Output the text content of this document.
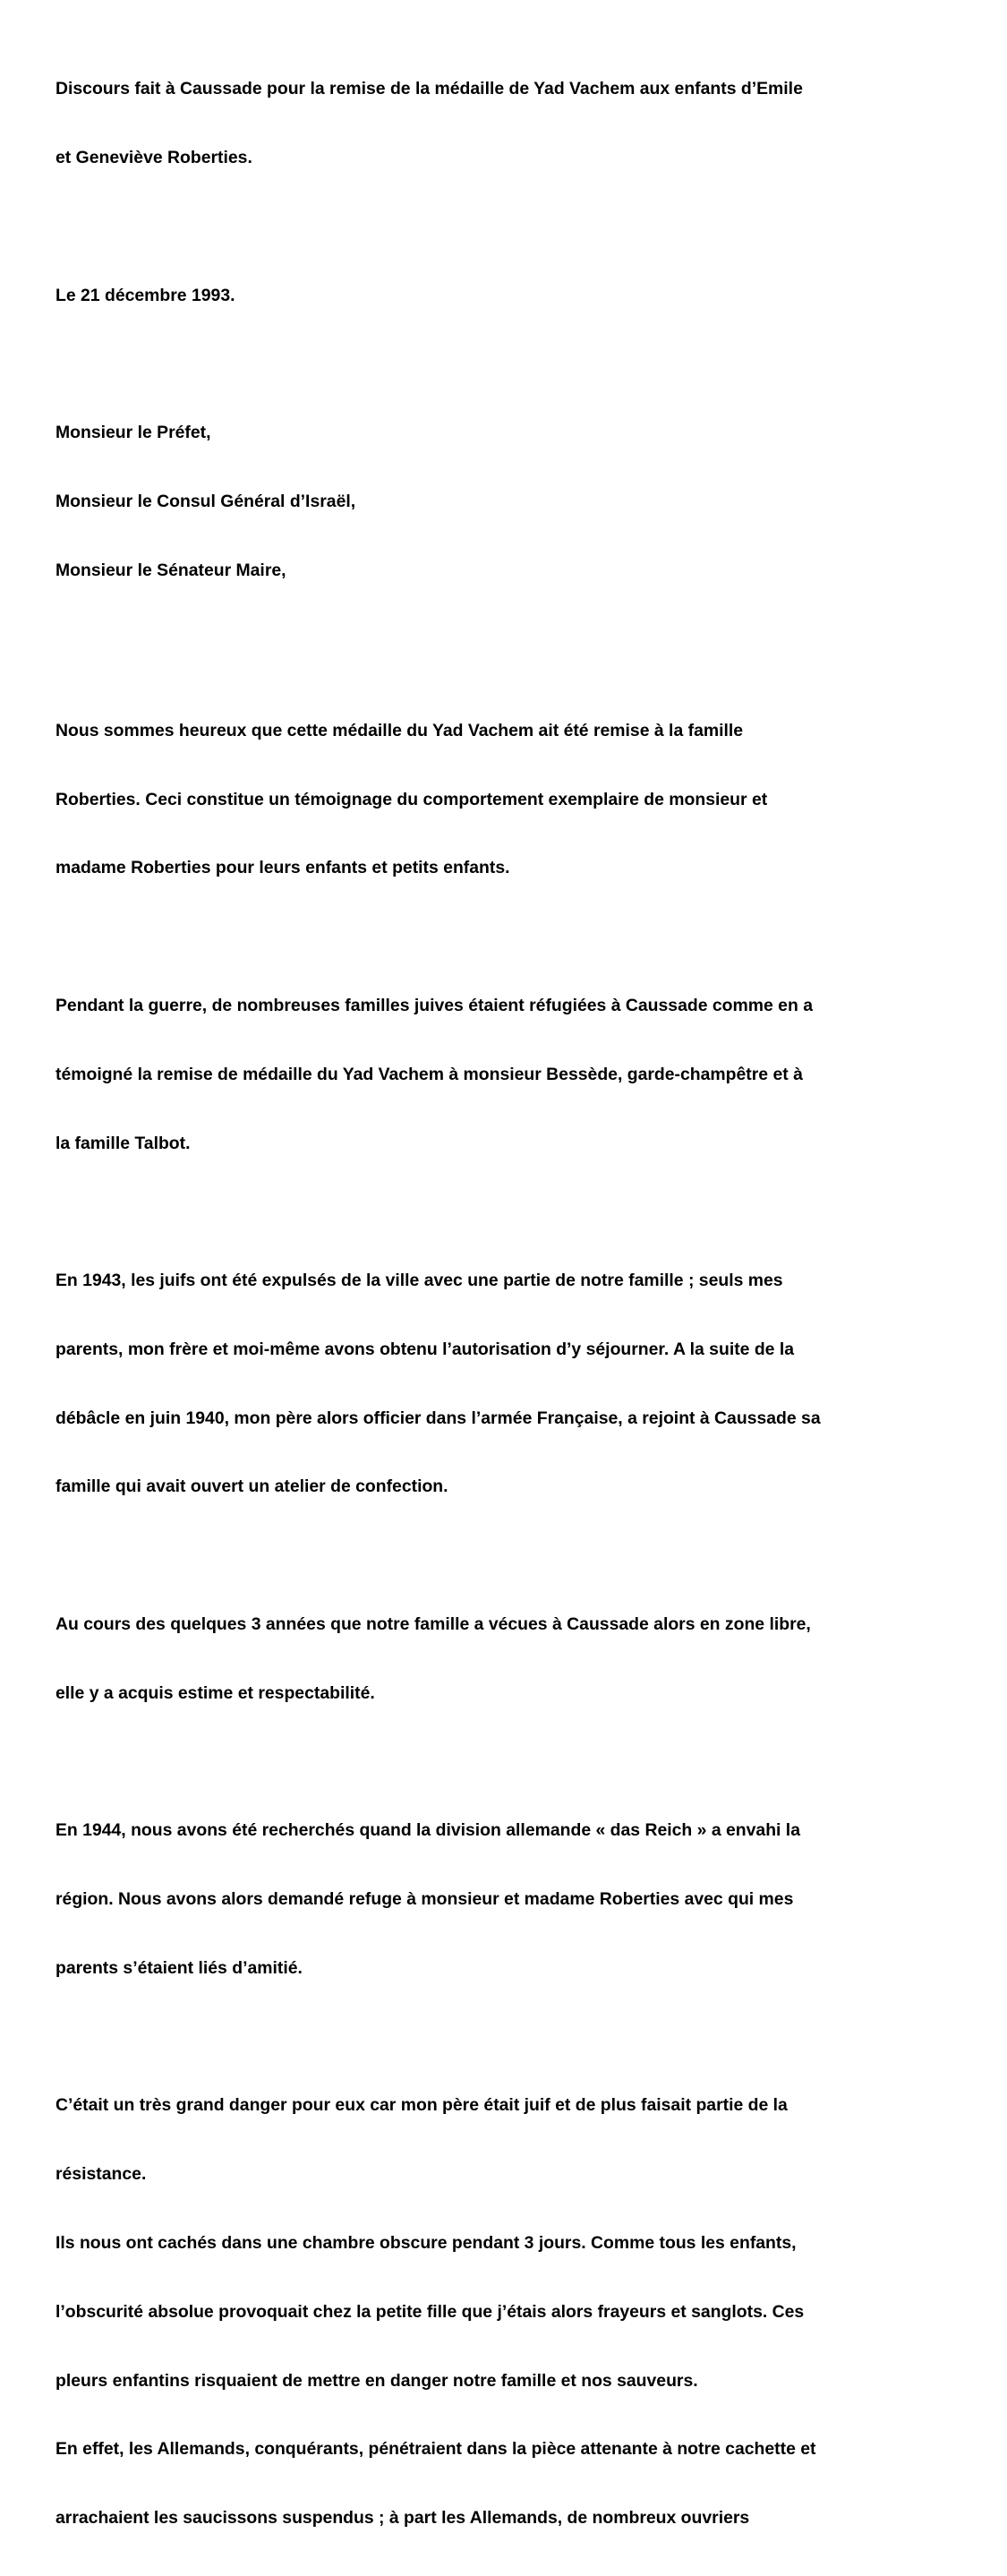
Discours fait à Caussade pour la remise de la médaille de Yad Vachem aux enfants d’Emile

et Geneviève Roberties.

Le 21 décembre 1993.

Monsieur le Préfet,

Monsieur le Consul Général d’Israël,

Monsieur le Sénateur Maire,

Nous sommes heureux que cette médaille du Yad Vachem ait été remise à la famille

Roberties. Ceci constitue un témoignage du comportement exemplaire de monsieur et

madame Roberties pour leurs enfants et petits enfants.

Pendant la guerre, de nombreuses familles juives étaient réfugiées à Caussade comme en a

témoigné la remise de médaille du Yad Vachem à monsieur Bessède, garde-champêtre et à

la famille Talbot.

En 1943, les juifs ont été expulsés de la ville avec une partie de notre famille ; seuls mes

parents, mon frère et moi-même avons obtenu l’autorisation d’y séjourner. A la suite de la

débâcle en juin 1940, mon père alors officier dans l’armée Française, a rejoint à Caussade sa

famille qui avait ouvert un atelier de confection.

Au cours des quelques 3 années que notre famille a vécues à Caussade alors en zone libre,

elle y a acquis estime et respectabilité.

En 1944, nous avons été recherchés quand la division allemande « das Reich » a envahi la

région. Nous avons alors demandé refuge à monsieur et madame Roberties avec qui mes

parents s’étaient liés d’amitié.

C’était un très grand danger pour eux car mon père était juif et de plus faisait partie de la

résistance.

Ils nous ont cachés dans une chambre obscure pendant 3 jours. Comme tous les enfants,

l’obscurité absolue provoquait chez la petite fille que j’étais alors frayeurs et sanglots. Ces

pleurs enfantins risquaient de mettre en danger notre famille et nos sauveurs.

En effet, les Allemands, conquérants, pénétraient dans la pièce attenante à notre cachette et

arrachaient les saucissons suspendus ; à part les Allemands, de nombreux ouvriers
